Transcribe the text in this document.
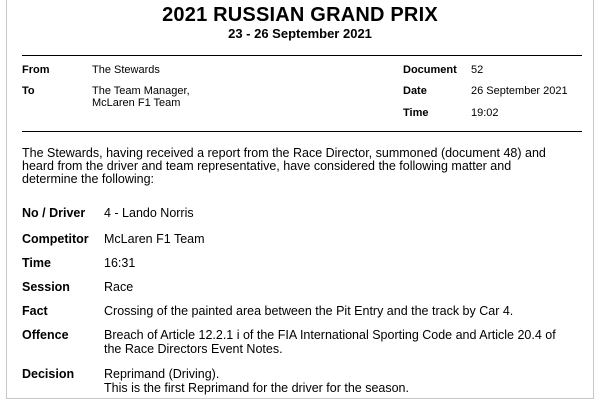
2021 RUSSIAN GRAND PRIX
23 - 26 September 2021
From	The Stewards
To	The Team Manager,
McLaren F1 Team
Document 52
Date	26 September 2021
Time	19:02
The Stewards, having received a report from the Race Director, summoned (document 48) and heard from the driver and team representative, have considered the following matter and determine the following:
No / Driver 4 - Lando Norris
Competitor McLaren F1 Team
Time	16:31
Session	Race
Fact	Crossing of the painted area between the Pit Entry and the track by Car 4.
Offence	Breach of Article 12.2.1 i of the FIA International Sporting Code and Article 20.4 of the Race Directors Event Notes.
Decision Reprimand (Driving).
This is the first Reprimand for the driver for the season.
